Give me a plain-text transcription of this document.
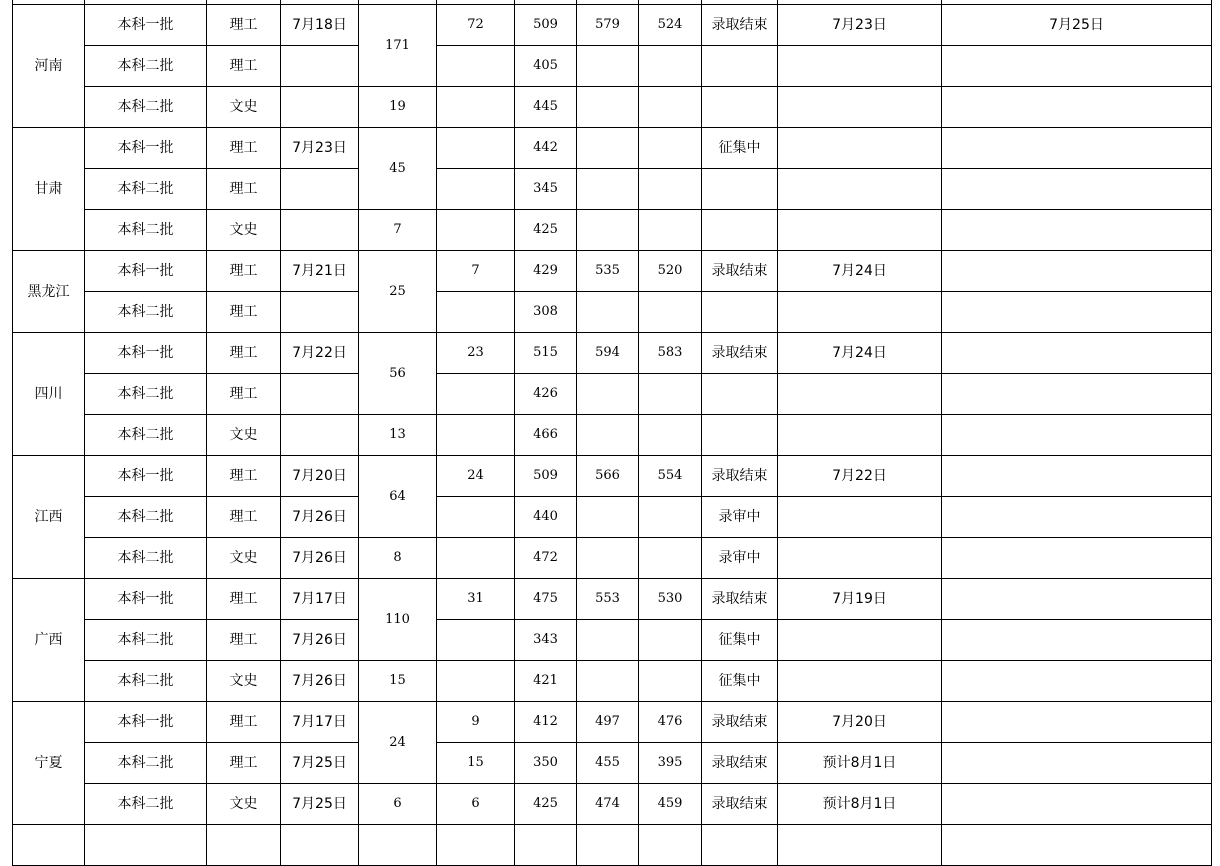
河南	本科一批	理工	7月18日	171	72	509	579	524	录取结束	7月23日	7月25日
	本科二批	理工				405					
	本科二批	文史		19		445					
甘肃	本科一批	理工	7月23日	45		442			征集中		
	本科二批	理工				345					
	本科二批	文史		7		425					
黑龙江	本科一批	理工	7月21日	25	7	429	535	520	录取结束	7月24日	
	本科二批	理工				308					
四川	本科一批	理工	7月22日	56	23	515	594	583	录取结束	7月24日	
	本科二批	理工				426					
	本科二批	文史		13		466					
江西	本科一批	理工	7月20日	64	24	509	566	554	录取结束	7月22日	
	本科二批	理工	7月26日			440			录审中		
	本科二批	文史	7月26日	8		472			录审中		
广西	本科一批	理工	7月17日	110	31	475	553	530	录取结束	7月19日	
	本科二批	理工	7月26日			343			征集中		
	本科二批	文史	7月26日	15		421			征集中		
宁夏	本科一批	理工	7月17日	24	9	412	497	476	录取结束	7月20日	
	本科二批	理工	7月25日		15	350	455	395	录取结束	预计8月1日	
	本科二批	文史	7月25日	6	6	425	474	459	录取结束	预计8月1日	
